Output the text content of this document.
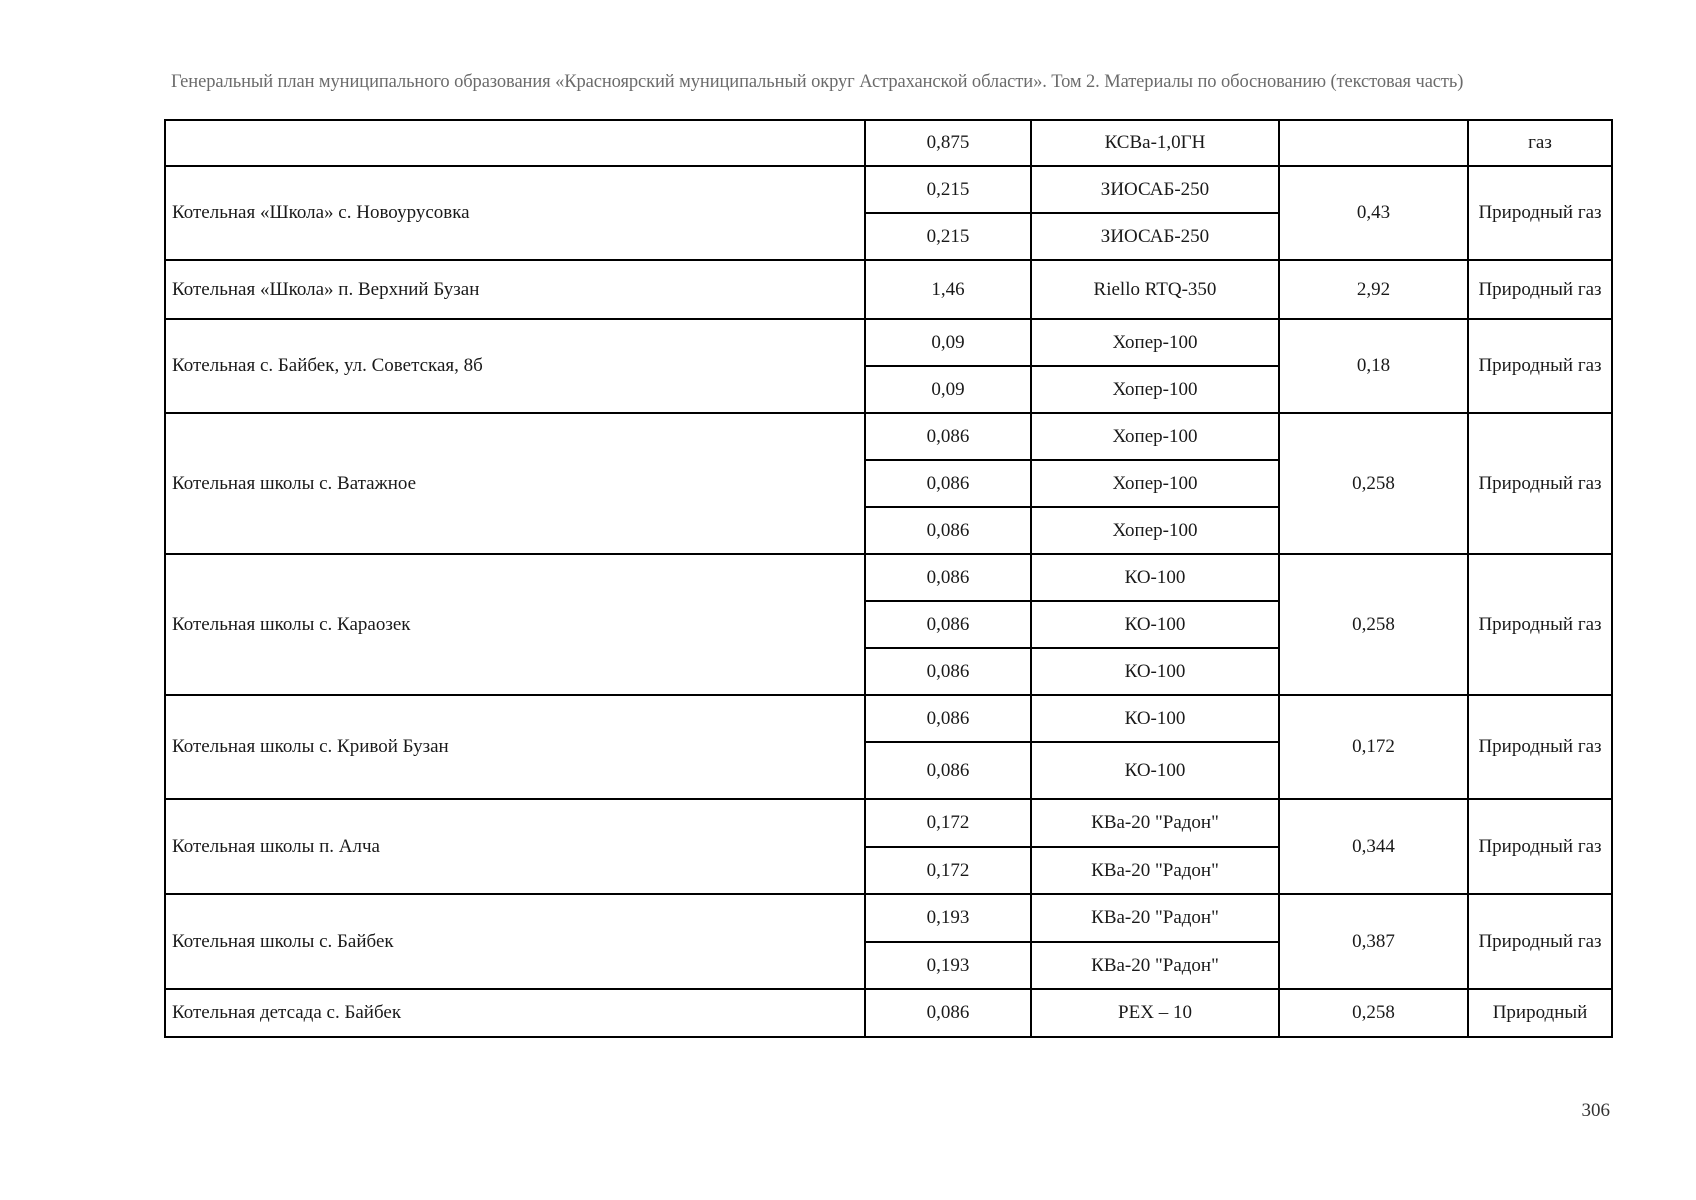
Генеральный план муниципального образования «Красноярский муниципальный округ Астраханской области». Том 2. Материалы по обоснованию (текстовая часть)
	0,875	КСВа-1,0ГН		газ
Котельная «Школа» с. Новоурусовка	0,215	ЗИОСАБ-250	0,43	Природный газ
	0,215	ЗИОСАБ-250		
Котельная «Школа» п. Верхний Бузан	1,46	Riello RTQ-350	2,92	Природный газ
Котельная с. Байбек, ул. Советская, 8б	0,09	Хопер-100	0,18	Природный газ
	0,09	Хопер-100		
Котельная школы с. Ватажное	0,086	Хопер-100	0,258	Природный газ
	0,086	Хопер-100		
	0,086	Хопер-100		
Котельная школы с. Караозек	0,086	КО-100	0,258	Природный газ
	0,086	КО-100		
	0,086	КО-100		
Котельная школы с. Кривой Бузан	0,086	КО-100	0,172	Природный газ
	0,086	КО-100		
Котельная школы п. Алча	0,172	КВа-20 "Радон"	0,344	Природный газ
	0,172	КВа-20 "Радон"		
Котельная школы с. Байбек	0,193	КВа-20 "Радон"	0,387	Природный газ
	0,193	КВа-20 "Радон"		
Котельная детсада с. Байбек	0,086	РЕХ – 10	0,258	Природный
306
